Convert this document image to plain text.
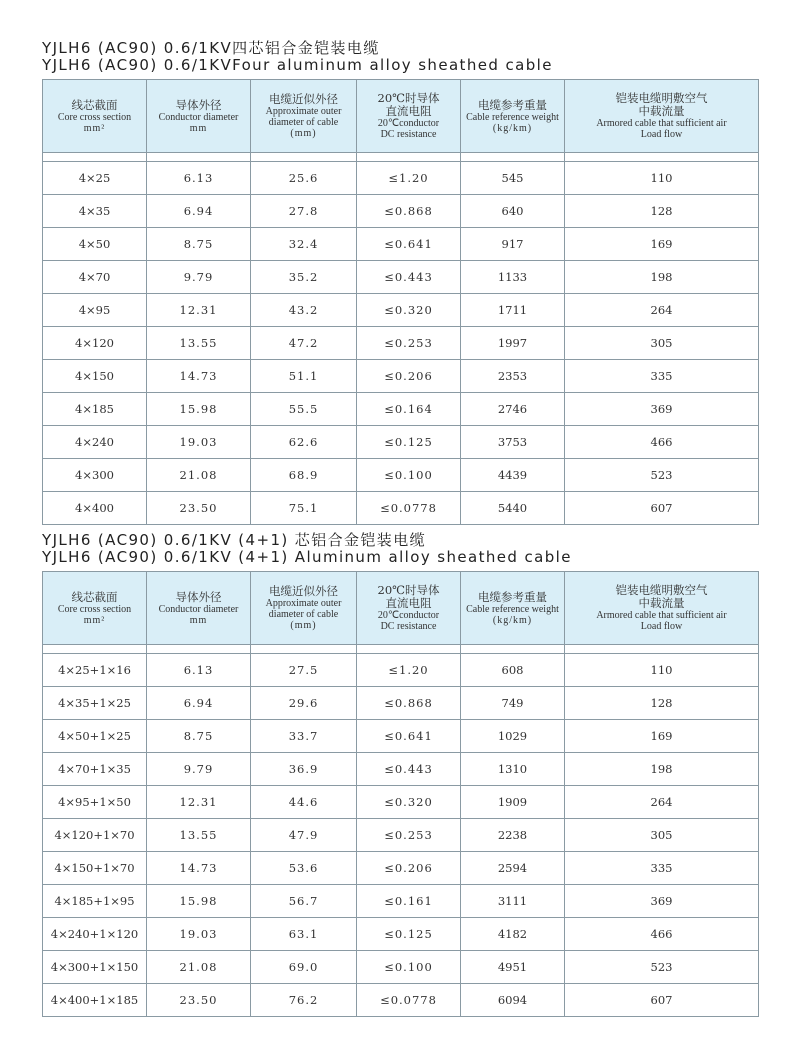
YJLH6 (AC90) 0.6/1KV四芯铝合金铠装电缆
YJLH6 (AC90) 0.6/1KVFour aluminum alloy sheathed cable
线芯截面
Core cross section
mm²	导体外径
Conductor diameter
mm	电缆近似外径
Approximate outer
diameter of cable
(mm)	20℃时导体
直流电阻
20℃conductor
DC resistance	电缆参考重量
Cable reference weight
(kg/km)	铠装电缆明敷空气
中载流量
Armored cable that sufficient air
Load flow

4×25	6.13	25.6	≤1.20	545	110
4×35	6.94	27.8	≤0.868	640	128
4×50	8.75	32.4	≤0.641	917	169
4×70	9.79	35.2	≤0.443	1133	198
4×95	12.31	43.2	≤0.320	1711	264
4×120	13.55	47.2	≤0.253	1997	305
4×150	14.73	51.1	≤0.206	2353	335
4×185	15.98	55.5	≤0.164	2746	369
4×240	19.03	62.6	≤0.125	3753	466
4×300	21.08	68.9	≤0.100	4439	523
4×400	23.50	75.1	≤0.0778	5440	607
YJLH6 (AC90) 0.6/1KV (4+1) 芯铝合金铠装电缆
YJLH6 (AC90) 0.6/1KV (4+1) Aluminum alloy sheathed cable
线芯截面
Core cross section
mm²	导体外径
Conductor diameter
mm	电缆近似外径
Approximate outer
diameter of cable
(mm)	20℃时导体
直流电阻
20℃conductor
DC resistance	电缆参考重量
Cable reference weight
(kg/km)	铠装电缆明敷空气
中载流量
Armored cable that sufficient air
Load flow

4×25+1×16	6.13	27.5	≤1.20	608	110
4×35+1×25	6.94	29.6	≤0.868	749	128
4×50+1×25	8.75	33.7	≤0.641	1029	169
4×70+1×35	9.79	36.9	≤0.443	1310	198
4×95+1×50	12.31	44.6	≤0.320	1909	264
4×120+1×70	13.55	47.9	≤0.253	2238	305
4×150+1×70	14.73	53.6	≤0.206	2594	335
4×185+1×95	15.98	56.7	≤0.161	3111	369
4×240+1×120	19.03	63.1	≤0.125	4182	466
4×300+1×150	21.08	69.0	≤0.100	4951	523
4×400+1×185	23.50	76.2	≤0.0778	6094	607
